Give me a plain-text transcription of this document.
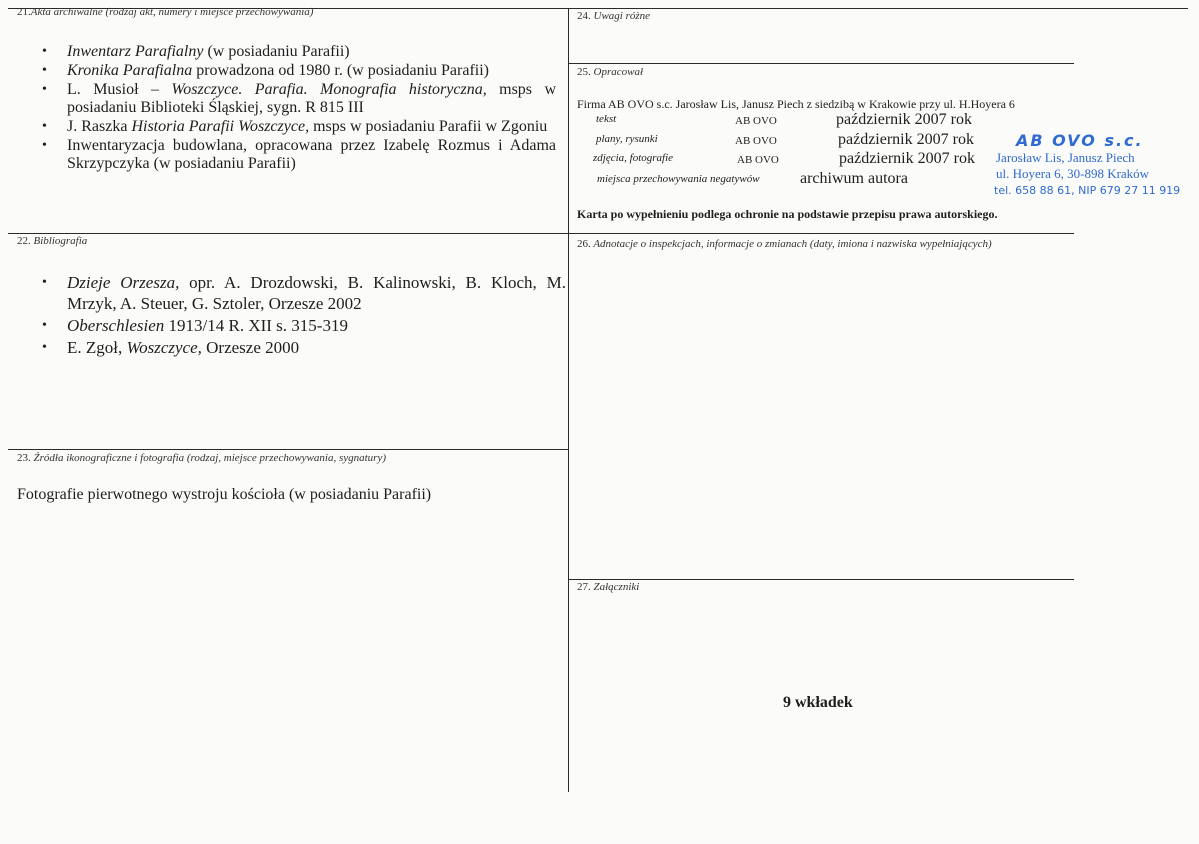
21.Akta archiwalne (rodzaj akt, numery i miejsce przechowywania)
• Inwentarz Parafialny (w posiadaniu Parafii)
• Kronika Parafialna prowadzona od 1980 r. (w posiadaniu Parafii)
• L. Musioł – Woszczyce. Parafia. Monografia historyczna, msps w posiadaniu Biblioteki Śląskiej, sygn. R 815 III
• J. Raszka Historia Parafii Woszczyce, msps w posiadaniu Parafii w Zgoniu
• Inwentaryzacja budowlana, opracowana przez Izabelę Rozmus i Adama Skrzypczyka (w posiadaniu Parafii)
22. Bibliografia
• Dzieje Orzesza, opr. A. Drozdowski, B. Kalinowski, B. Kloch, M. Mrzyk, A. Steuer, G. Sztoler, Orzesze 2002
• Oberschlesien 1913/14 R. XII s. 315-319
• E. Zgoł, Woszczyce, Orzesze 2000
23. Źródła ikonograficzne i fotografia (rodzaj, miejsce przechowywania, sygnatury)
Fotografie pierwotnego wystroju kościoła (w posiadaniu Parafii)
24. Uwagi różne
25. Opracował
Firma AB OVO s.c. Jarosław Lis, Janusz Piech z siedzibą w Krakowie przy ul. H.Hoyera 6
tekst	AB OVO	październik 2007 rok
plany, rysunki	AB OVO	październik 2007 rok
zdjęcia, fotografie	AB OVO	październik 2007 rok
miejsca przechowywania negatywów	archiwum autora
Karta po wypełnieniu podlega ochronie na podstawie przepisu prawa autorskiego.
AB OVO s.c.
Jarosław Lis, Janusz Piech
ul. Hoyera 6, 30-898 Kraków
tel. 658 88 61, NIP 679 27 11 919
26. Adnotacje o inspekcjach, informacje o zmianach (daty, imiona i nazwiska wypełniających)
27. Załączniki
9 wkładek
